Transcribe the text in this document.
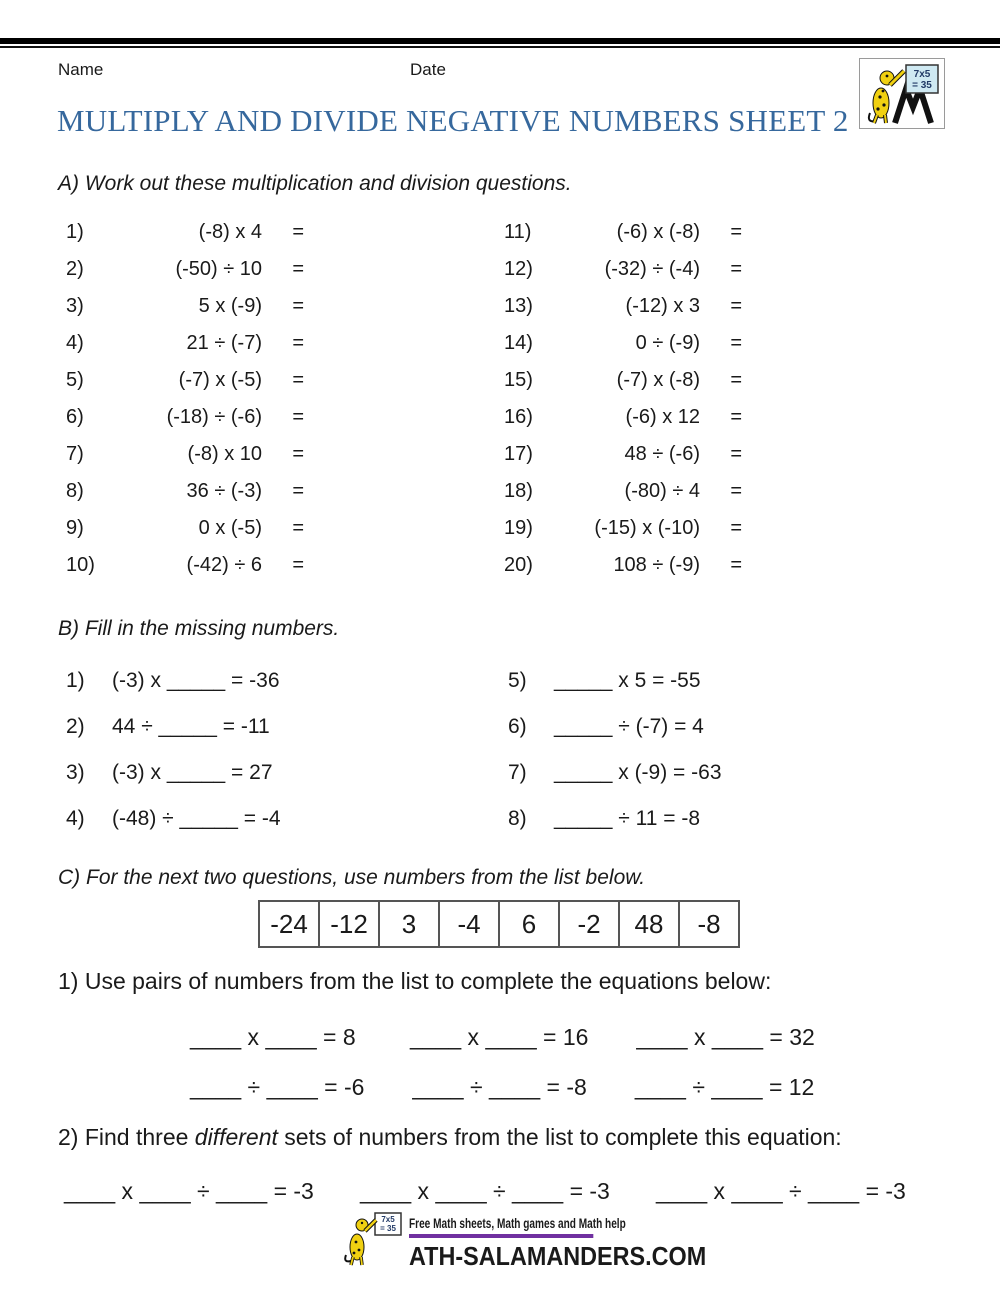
Name	Date	7x5
= 35
MULTIPLY AND DIVIDE NEGATIVE NUMBERS SHEET 2
A) Work out these multiplication and division questions.
1)	(-8) x 4	=
2)	(-50) ÷ 10	=
3)	5 x (-9)	=
4)	21 ÷ (-7)	=
5)	(-7) x (-5)	=
6)	(-18) ÷ (-6)	=
7)	(-8) x 10	=
8)	36 ÷ (-3)	=
9)	0 x (-5)	=
10)	(-42) ÷ 6	=
11)	(-6) x (-8)	=
12)	(-32) ÷ (-4)	=
13)	(-12) x 3	=
14)	0 ÷ (-9)	=
15)	(-7) x (-8)	=
16)	(-6) x 12	=
17)	48 ÷ (-6)	=
18)	(-80) ÷ 4	=
19)	(-15) x (-10)	=
20)	108 ÷ (-9)	=
B) Fill in the missing numbers.
1)	(-3) x _____ = -36
2)	44 ÷ _____ = -11
3)	(-3) x _____ = 27
4)	(-48) ÷ _____ = -4
5)	_____ x 5 = -55
6)	_____ ÷ (-7) = 4
7)	_____ x (-9) = -63
8)	_____ ÷ 11 = -8
C) For the next two questions, use numbers from the list below.
-24 -12	3	-4	6	-2	48	-8
1) Use pairs of numbers from the list to complete the equations below:
____ x ____ = 8 ____ x ____ = 16 ____ x ____ = 32
____ ÷ ____ = -6 ____ ÷ ____ = -8 ____ ÷ ____ = 12
2) Find three different sets of numbers from the list to complete this equation:
____ x ____ ÷ ____ = -3 ____ x ____ ÷ ____ = -3 ____ x ____ ÷ ____ = -3
7x5
= 35 Free Math sheets, Math games and Math help
ATH-SALAMANDERS.COM
